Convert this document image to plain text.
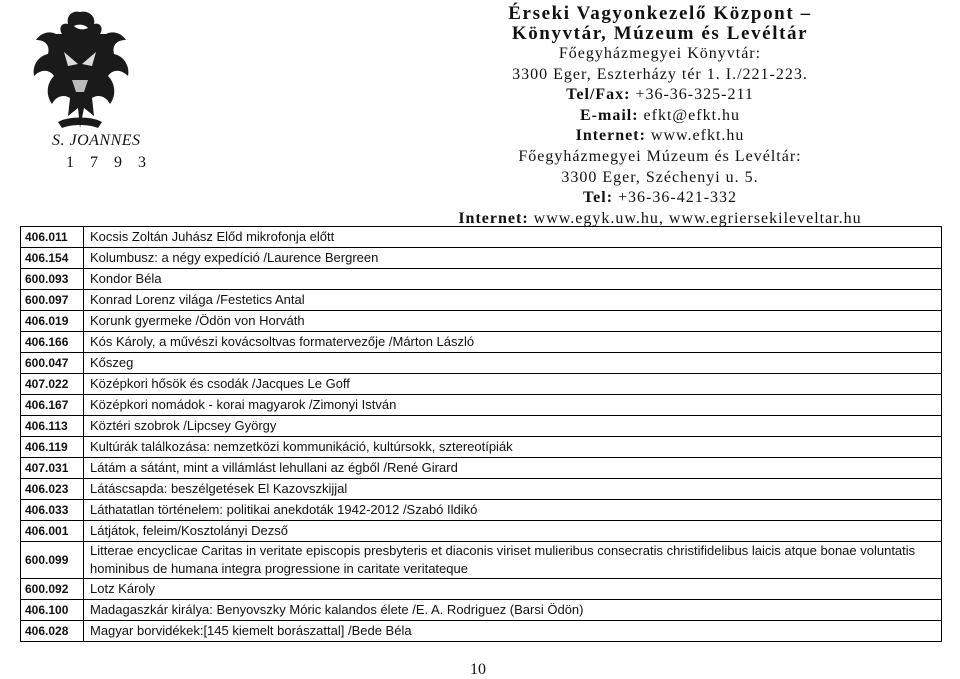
S. JOANNES
1 7 9 3
Érseki Vagyonkezelő Központ –
Könyvtár, Múzeum és Levéltár
Főegyházmegyei Könyvtár:
3300 Eger, Eszterházy tér 1. I./221-223.
Tel/Fax: +36-36-325-211
E-mail: efkt@efkt.hu
Internet: www.efkt.hu
Főegyházmegyei Múzeum és Levéltár:
3300 Eger, Széchenyi u. 5.
Tel: +36-36-421-332
Internet: www.egyk.uw.hu, www.egriersekileveltar.hu
406.011	Kocsis Zoltán Juhász Előd mikrofonja előtt
406.154	Kolumbusz: a négy expedíció /Laurence Bergreen
600.093	Kondor Béla
600.097	Konrad Lorenz világa /Festetics Antal
406.019	Korunk gyermeke /Ödön von Horváth
406.166	Kós Károly, a művészi kovácsoltvas formatervezője /Márton László
600.047	Kőszeg
407.022	Középkori hősök és csodák /Jacques Le Goff
406.167	Középkori nomádok - korai magyarok /Zimonyi István
406.113	Köztéri szobrok /Lipcsey György
406.119	Kultúrák találkozása: nemzetközi kommunikáció, kultúrsokk, sztereotípiák
407.031	Látám a sátánt, mint a villámlást lehullani az égből /René Girard
406.023	Látáscsapda: beszélgetések El Kazovszkijjal
406.033	Láthatatlan történelem: politikai anekdoták 1942-2012 /Szabó Ildikó
406.001	Látjátok, feleim/Kosztolányi Dezső
600.099	Litterae encyclicae Caritas in veritate episcopis presbyteris et diaconis viriset mulieribus consecratis christifidelibus laicis atque bonae voluntatis hominibus de humana integra progressione in caritate veritateque
600.092	Lotz Károly
406.100	Madagaszkár királya: Benyovszky Móric kalandos élete /E. A. Rodriguez (Barsi Ödön)
406.028	Magyar borvidékek:[145 kiemelt borászattal] /Bede Béla
10
